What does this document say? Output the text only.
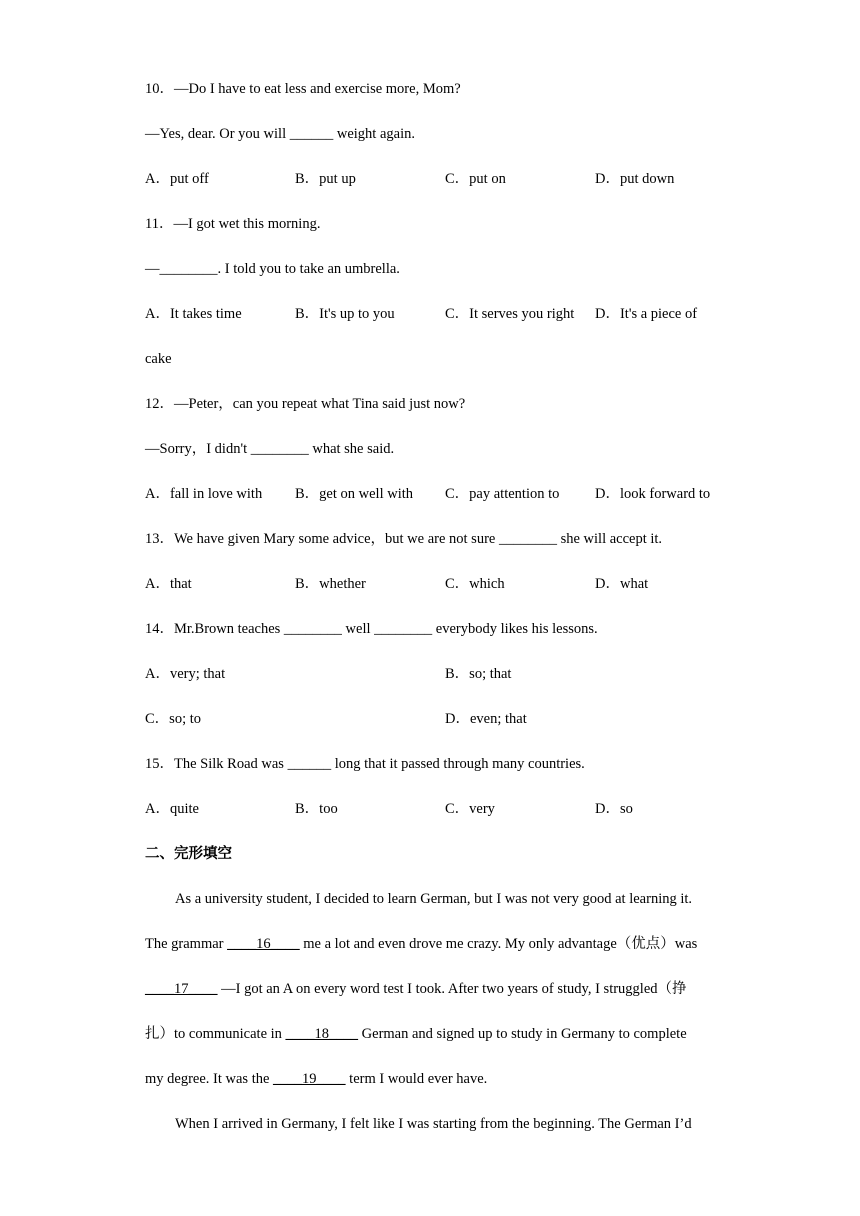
10．—Do I have to eat less and exercise more, Mom?
—Yes, dear. Or you will ______ weight again.
A．put off	B．put up	C．put on	D．put down
11．—I got wet this morning.
—________. I told you to take an umbrella.
A．It takes time	B．It's up to you	C．It serves you right D．It's a piece of
cake
12．—Peter，can you repeat what Tina said just now?
—Sorry，I didn't ________ what she said.
A．fall in love with B．get on well with C．pay attention to D．look forward to
13．We have given Mary some advice，but we are not sure ________ she will accept it.
A．that	B．whether	C．which	D．what
14．Mr.Brown teaches ________ well ________ everybody likes his lessons.
A．very; that	B．so; that
C．so; to	D．even; that
15．The Silk Road was ______ long that it passed through many countries.
A．quite	B．too	C．very	D．so
二、完形填空
As a university student, I decided to learn German, but I was not very good at learning it.
The grammar ____16____ me a lot and even drove me crazy. My only advantage（优点）was
____17____ —I got an A on every word test I took. After two years of study, I struggled（挣
扎）to communicate in ____18____ German and signed up to study in Germany to complete
my degree. It was the ____19____ term I would ever have.
When I arrived in Germany, I felt like I was starting from the beginning. The German I’d
